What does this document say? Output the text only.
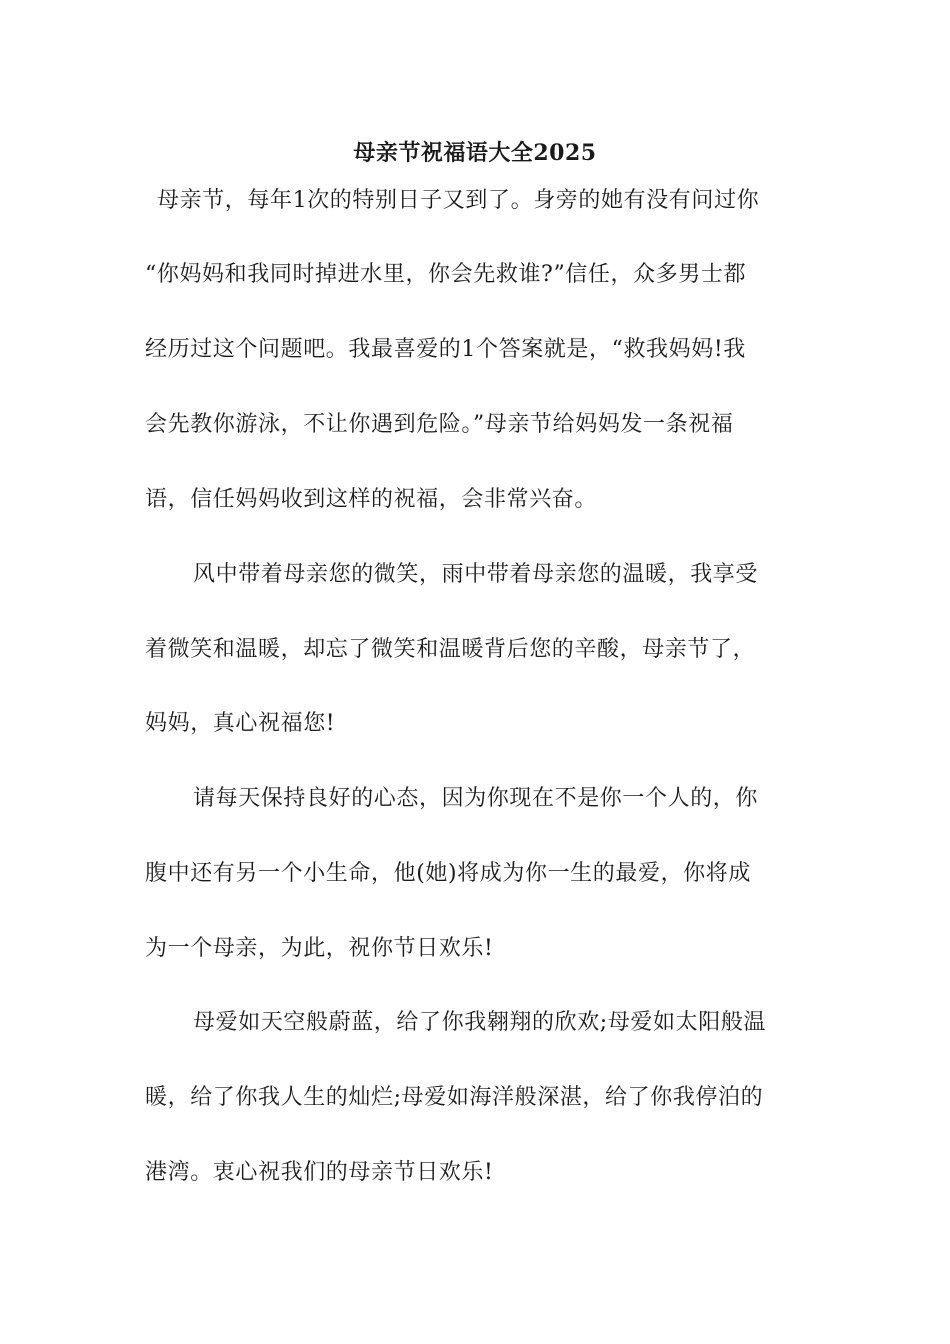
母亲节祝福语大全2025
母亲节，每年1次的特别日子又到了。身旁的她有没有问过你
“你妈妈和我同时掉进水里，你会先救谁?”信任，众多男士都
经历过这个问题吧。我最喜爱的1个答案就是，“救我妈妈!我
会先教你游泳，不让你遇到危险。”母亲节给妈妈发一条祝福
语，信任妈妈收到这样的祝福，会非常兴奋。
风中带着母亲您的微笑，雨中带着母亲您的温暖，我享受
着微笑和温暖，却忘了微笑和温暖背后您的辛酸，母亲节了，
妈妈，真心祝福您!
请每天保持良好的心态，因为你现在不是你一个人的，你
腹中还有另一个小生命，他(她)将成为你一生的最爱，你将成
为一个母亲，为此，祝你节日欢乐!
母爱如天空般蔚蓝，给了你我翱翔的欣欢;母爱如太阳般温
暖，给了你我人生的灿烂;母爱如海洋般深湛，给了你我停泊的
港湾。衷心祝我们的母亲节日欢乐!
